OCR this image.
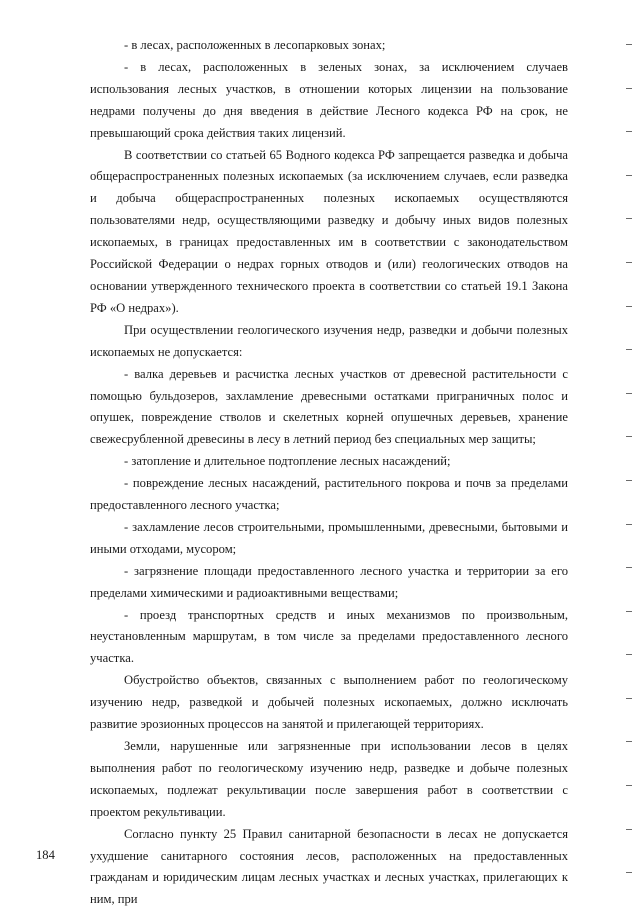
- в лесах, расположенных в лесопарковых зонах;

- в лесах, расположенных в зеленых зонах, за исключением случаев использования лесных участков, в отношении которых лицензии на пользование недрами получены до дня введения в действие Лесного кодекса РФ на срок, не превышающий срока действия таких лицензий.

В соответствии со статьей 65 Водного кодекса РФ запрещается разведка и добыча общераспространенных полезных ископаемых (за исключением случаев, если разведка и добыча общераспространенных полезных ископаемых осуществляются пользователями недр, осуществляющими разведку и добычу иных видов полезных ископаемых, в границах предоставленных им в соответствии с законодательством Российской Федерации о недрах горных отводов и (или) геологических отводов на основании утвержденного технического проекта в соответствии со статьей 19.1 Закона РФ «О недрах»).

При осуществлении геологического изучения недр, разведки и добычи полезных ископаемых не допускается:

- валка деревьев и расчистка лесных участков от древесной растительности с помощью бульдозеров, захламление древесными остатками приграничных полос и опушек, повреждение стволов и скелетных корней опушечных деревьев, хранение свежесрубленной древесины в лесу в летний период без специальных мер защиты;

- затопление и длительное подтопление лесных насаждений;

- повреждение лесных насаждений, растительного покрова и почв за пределами предоставленного лесного участка;

- захламление лесов строительными, промышленными, древесными, бытовыми и иными отходами, мусором;

- загрязнение площади предоставленного лесного участка и территории за его пределами химическими и радиоактивными веществами;

- проезд транспортных средств и иных механизмов по произвольным, неустановленным маршрутам, в том числе за пределами предоставленного лесного участка.

Обустройство объектов, связанных с выполнением работ по геологическому изучению недр, разведкой и добычей полезных ископаемых, должно исключать развитие эрозионных процессов на занятой и прилегающей территориях.

Земли, нарушенные или загрязненные при использовании лесов в целях выполнения работ по геологическому изучению недр, разведке и добыче полезных ископаемых, подлежат рекультивации после завершения работ в соответствии с проектом рекультивации.

Согласно пункту 25 Правил санитарной безопасности в лесах не допускается ухудшение санитарного состояния лесов, расположенных на предоставленных гражданам и юридическим лицам лесных участках и лесных участках, прилегающих к ним, при

184
